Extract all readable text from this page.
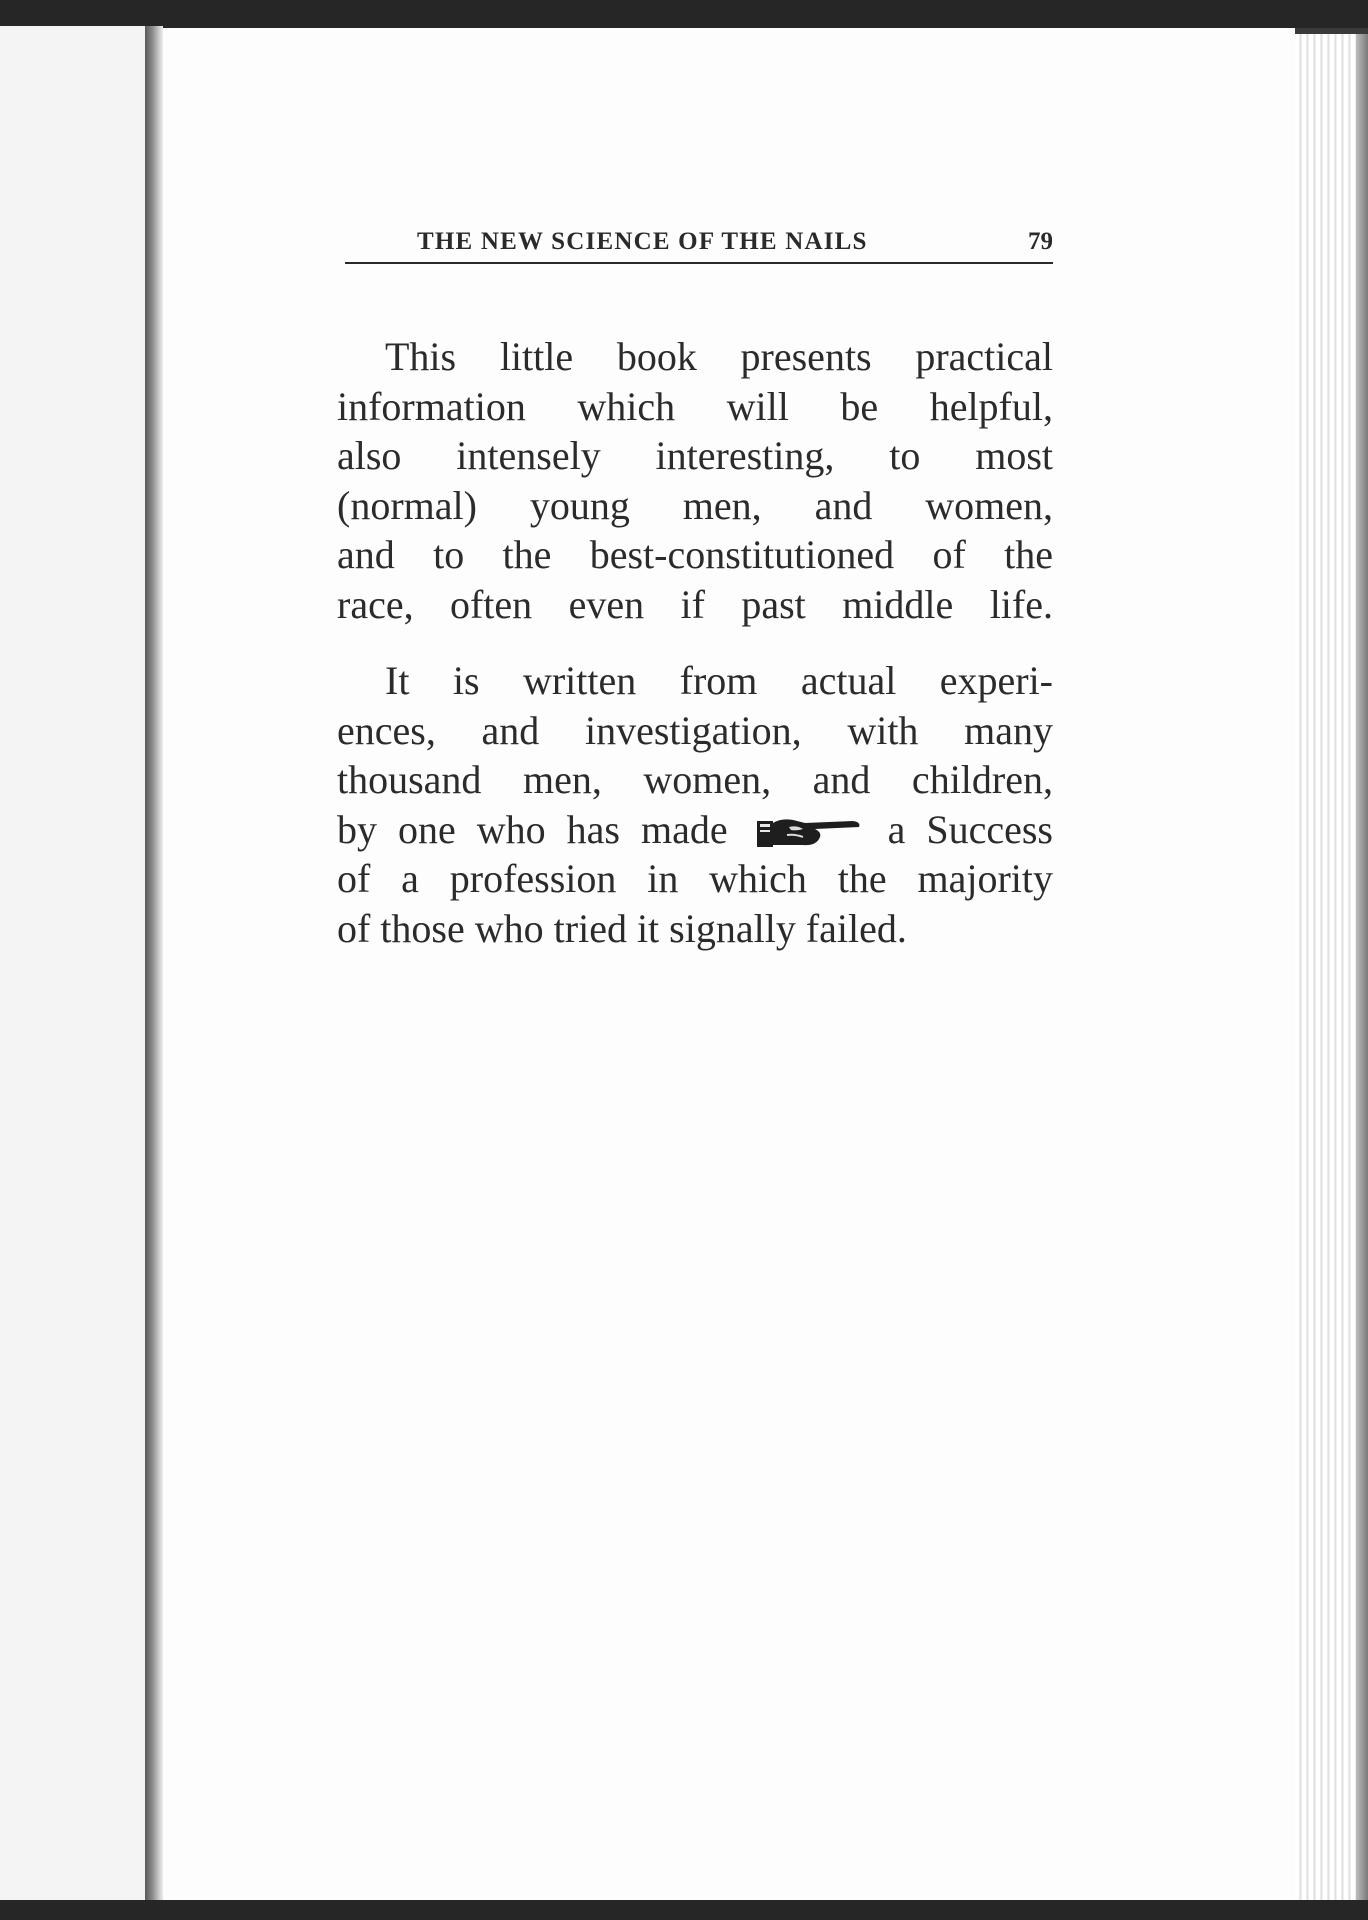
THE NEW SCIENCE OF THE NAILS	79
This little book presents practical
information which will be helpful,
also intensely interesting, to most
(normal) young men, and women,
and to the best-constitutioned of the
race, often even if past middle life.
It is written from actual experi-
ences, and investigation, with many
thousand men, women, and children,
by one who has made	a Success
of a profession in which the majority
of those who tried it signally failed.
